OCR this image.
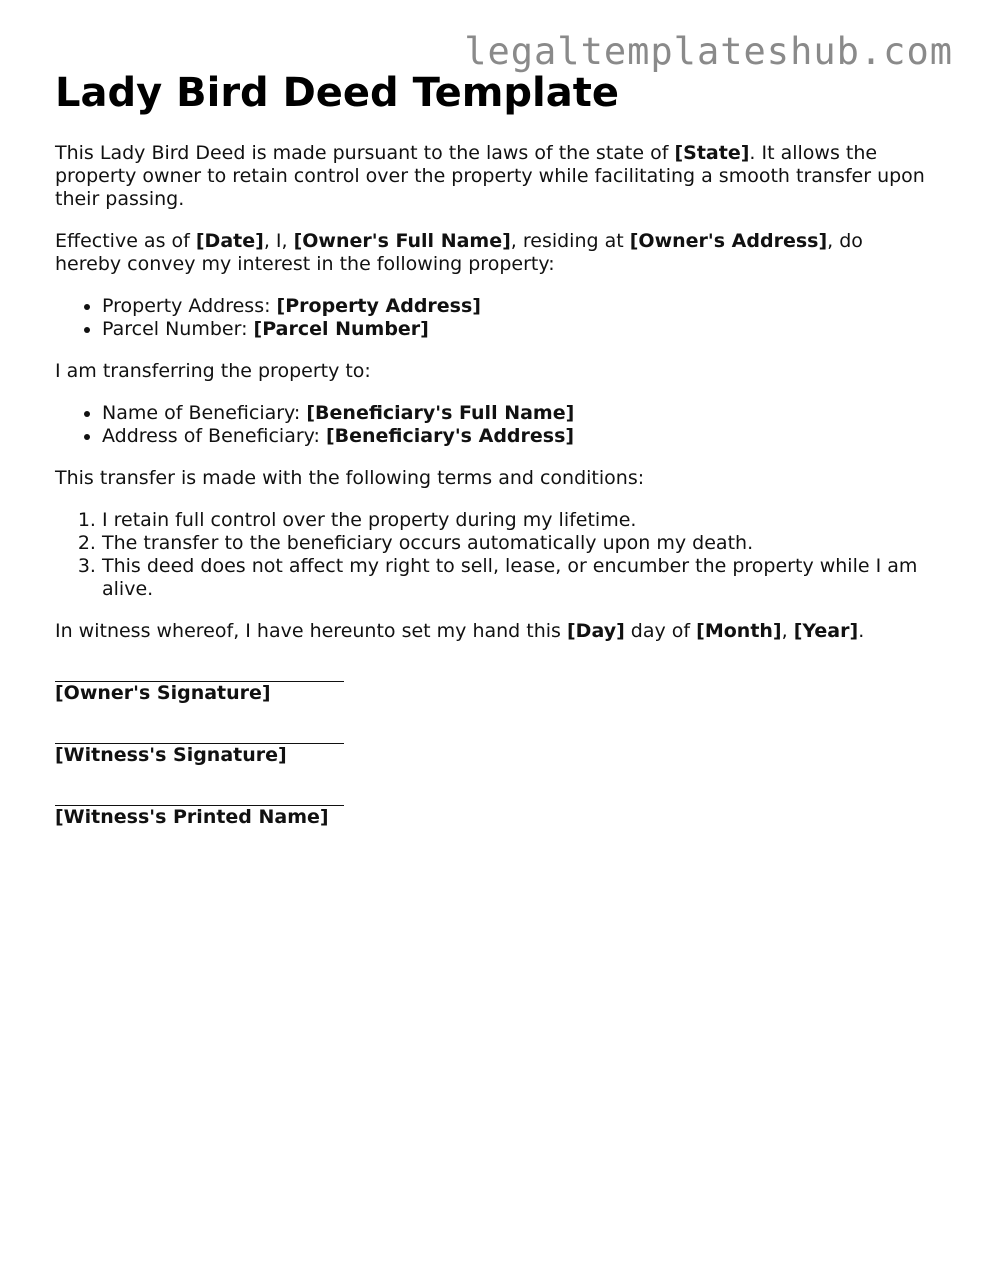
legaltemplateshub.com
Lady Bird Deed Template

This Lady Bird Deed is made pursuant to the laws of the state of [State]. It allows the property owner to retain control over the property while facilitating a smooth transfer upon their passing.

Effective as of [Date], I, [Owner's Full Name], residing at [Owner's Address], do hereby convey my interest in the following property:

• Property Address: [Property Address]
• Parcel Number: [Parcel Number]

I am transferring the property to:

• Name of Beneficiary: [Beneficiary's Full Name]
• Address of Beneficiary: [Beneficiary's Address]

This transfer is made with the following terms and conditions:

1. I retain full control over the property during my lifetime.
2. The transfer to the beneficiary occurs automatically upon my death.
3. This deed does not affect my right to sell, lease, or encumber the property while I am alive.

In witness whereof, I have hereunto set my hand this [Day] day of [Month], [Year].

[Owner's Signature]
[Witness's Signature]
[Witness's Printed Name]
